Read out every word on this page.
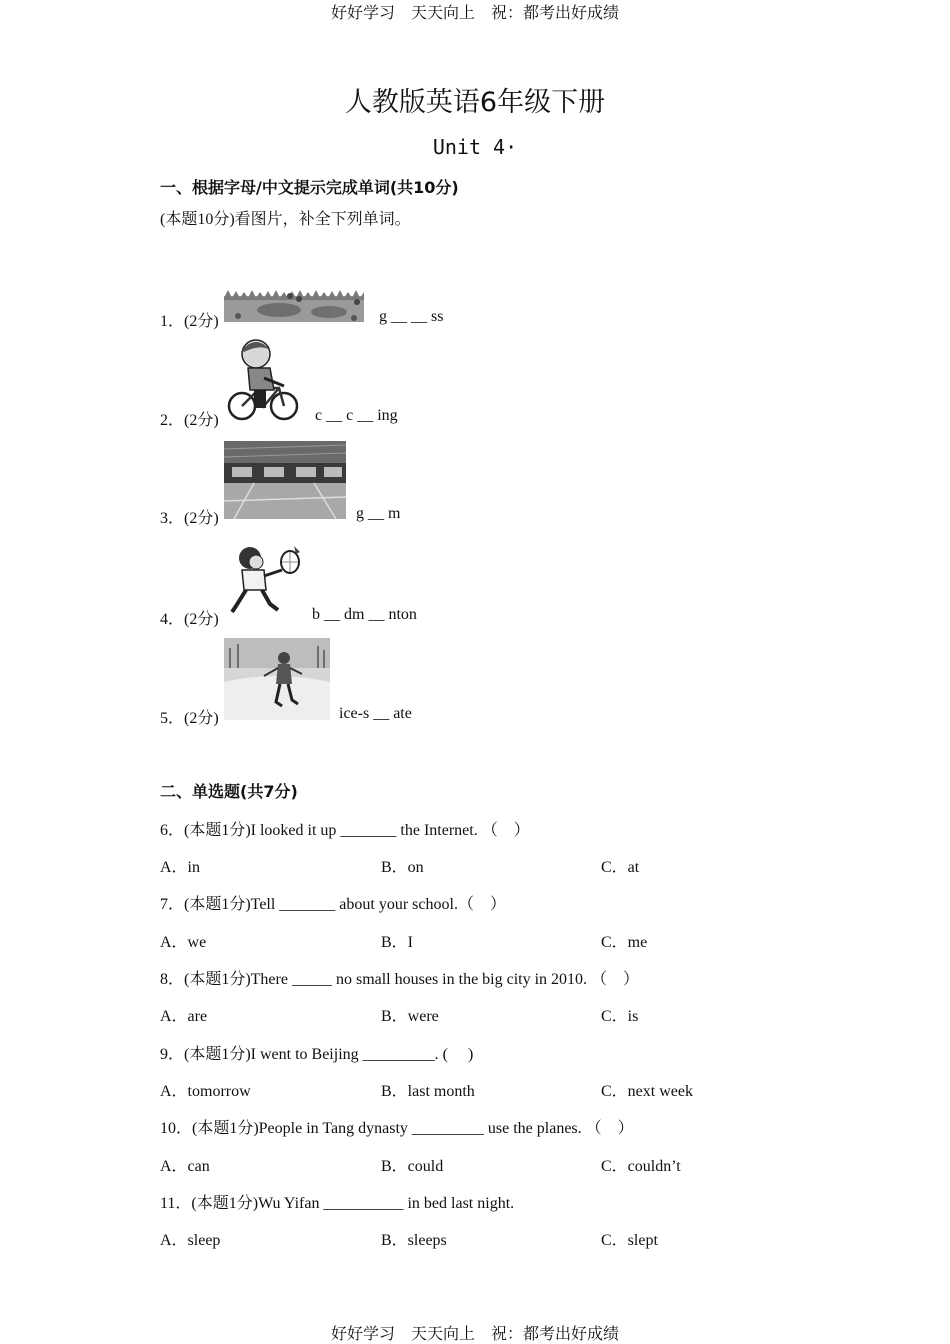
好好学习　天天向上　祝：都考出好成绩
人教版英语6年级下册
Unit 4·
一、根据字母/中文提示完成单词(共10分)
(本题10分)看图片，补全下列单词。
1．(2分)	g __ __ ss
2．(2分)	c __ c __ ing
3．(2分)	g __ m
4．(2分)	b __ dm __ nton
5．(2分)	ice-s __ ate
二、单选题(共7分)
6．(本题1分)I looked it up _______ the Internet. （　）
A．in	B．on	C．at
7．(本题1分)Tell _______ about your school.（　）
A．we	B．I	C．me
8．(本题1分)There _____ no small houses in the big city in 2010. （　）
A．are	B．were	C．is
9．(本题1分)I went to Beijing _________. (　 )
A．tomorrow	B．last month	C．next week
10．(本题1分)People in Tang dynasty _________ use the planes. （　）
A．can	B．could	C．couldn’t
11．(本题1分)Wu Yifan __________ in bed last night.
A．sleep	B．sleeps	C．slept
好好学习　天天向上　祝：都考出好成绩
